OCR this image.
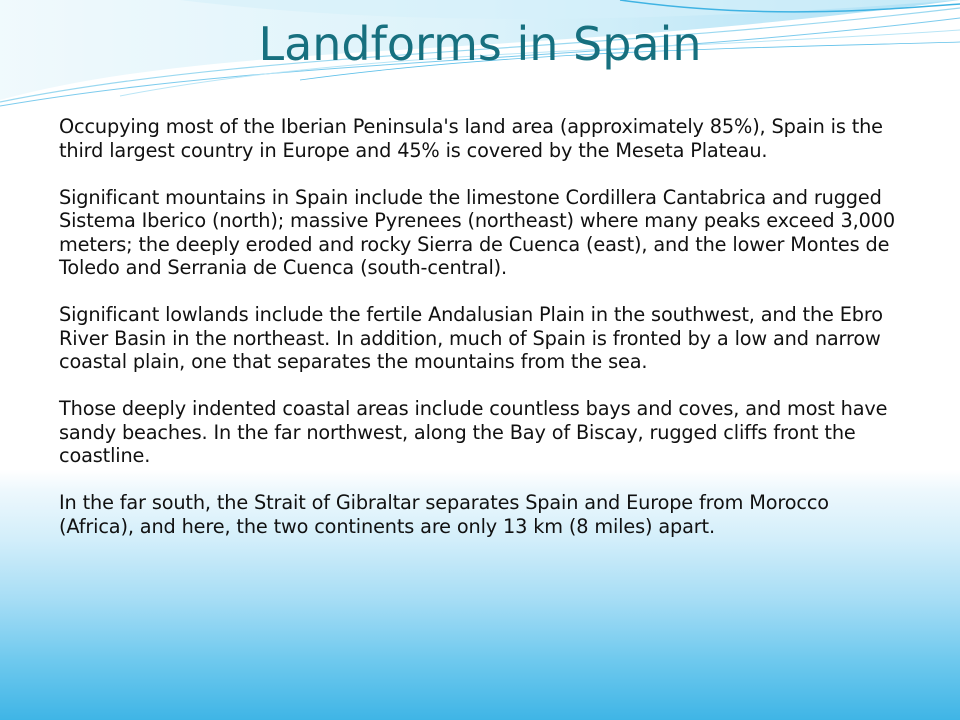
Landforms in Spain

Occupying most of the Iberian Peninsula's land area (approximately 85%), Spain is the third largest country in Europe and 45% is covered by the Meseta Plateau.

Significant mountains in Spain include the limestone Cordillera Cantabrica and rugged Sistema Iberico (north); massive Pyrenees (northeast) where many peaks exceed 3,000 meters; the deeply eroded and rocky Sierra de Cuenca (east), and the lower Montes de Toledo and Serrania de Cuenca (south-central).

Significant lowlands include the fertile Andalusian Plain in the southwest, and the Ebro River Basin in the northeast. In addition, much of Spain is fronted by a low and narrow coastal plain, one that separates the mountains from the sea.

Those deeply indented coastal areas include countless bays and coves, and most have sandy beaches. In the far northwest, along the Bay of Biscay, rugged cliffs front the coastline.

In the far south, the Strait of Gibraltar separates Spain and Europe from Morocco (Africa), and here, the two continents are only 13 km (8 miles) apart.
